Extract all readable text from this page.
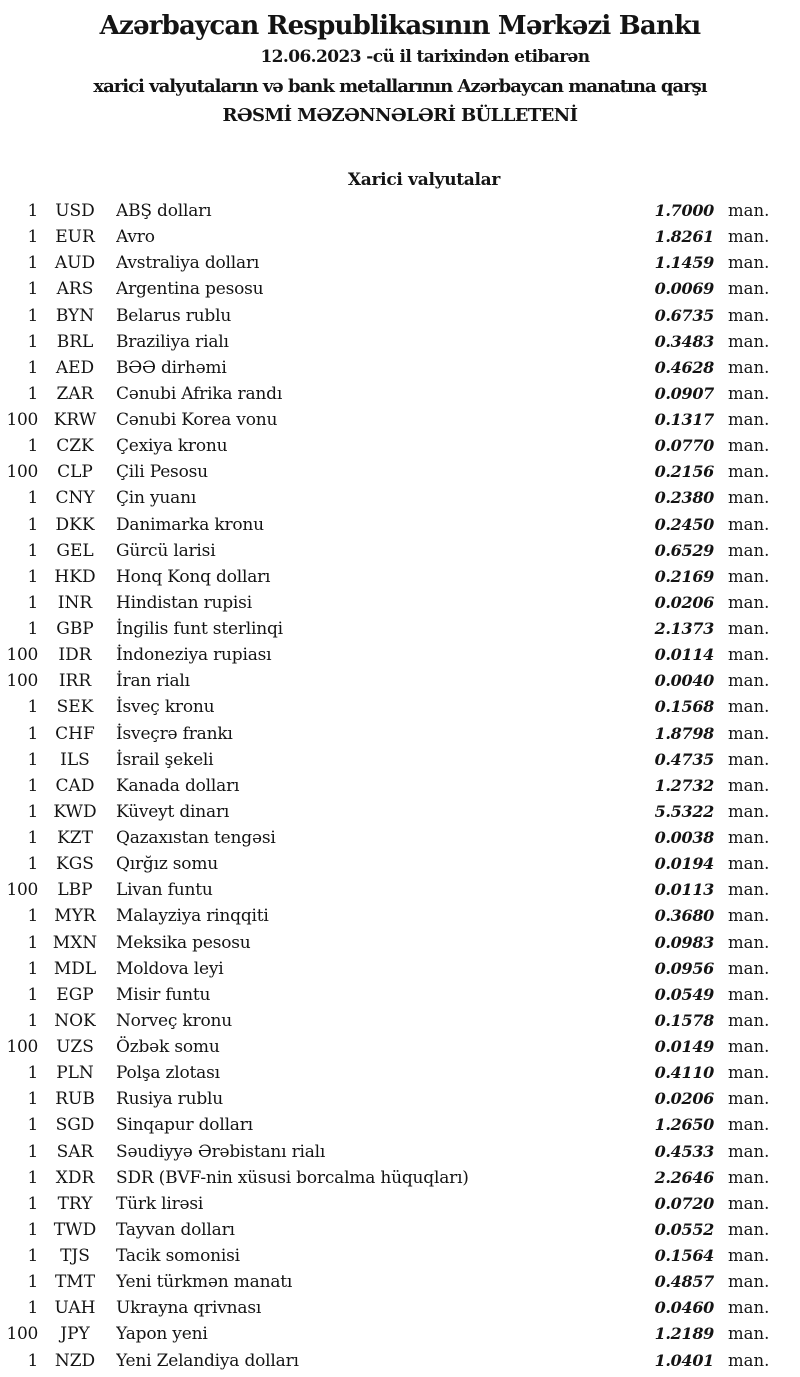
Azərbaycan Respublikasının Mərkəzi Bankı
12.06.2023 -cü il tarixindən etibarən
xarici valyutaların və bank metallarının Azərbaycan manatına qarşı
RƏSMİ MƏZƏNNƏLƏRİ BÜLLETENİ
Xarici valyutalar
1	USD	ABŞ dolları	1.7000 man.
1	EUR	Avro	1.8261 man.
1 AUD	Avstraliya dolları	1.1459 man.
1	ARS	Argentina pesosu	0.0069 man.
1	BYN	Belarus rublu	0.6735 man.
1	BRL	Braziliya rialı	0.3483 man.
1	AED	BƏƏ dirhəmi	0.4628 man.
1	ZAR	Cənubi Afrika randı	0.0907 man.
100 KRW	Cənubi Korea vonu	0.1317 man.
1	CZK	Çexiya kronu	0.0770 man.
100	CLP	Çili Pesosu	0.2156 man.
1	CNY	Çin yuanı	0.2380 man.
1	DKK	Danimarka kronu	0.2450 man.
1	GEL	Gürcü larisi	0.6529 man.
1 HKD	Honq Konq dolları	0.2169 man.
1	INR	Hindistan rupisi	0.0206 man.
1	GBP	İngilis funt sterlinqi	2.1373 man.
100	IDR	İndoneziya rupiası	0.0114 man.
100	IRR	İran rialı	0.0040 man.
1	SEK	İsveç kronu	0.1568 man.
1	CHF	İsveçrə frankı	1.8798 man.
1	ILS	İsrail şekeli	0.4735 man.
1	CAD	Kanada dolları	1.2732 man.
1 KWD	Küveyt dinarı	5.5322 man.
1	KZT	Qazaxıstan tengəsi	0.0038 man.
1	KGS	Qırğız somu	0.0194 man.
100	LBP	Livan funtu	0.0113 man.
1 MYR	Malayziya rinqqiti	0.3680 man.
1 MXN	Meksika pesosu	0.0983 man.
1 MDL	Moldova leyi	0.0956 man.
1	EGP	Misir funtu	0.0549 man.
1 NOK	Norveç kronu	0.1578 man.
100	UZS	Özbək somu	0.0149 man.
1	PLN	Polşa zlotası	0.4110 man.
1	RUB	Rusiya rublu	0.0206 man.
1	SGD	Sinqapur dolları	1.2650 man.
1	SAR	Səudiyyə Ərəbistanı rialı	0.4533 man.
1	XDR	SDR (BVF-nin xüsusi borcalma hüquqları)	2.2646 man.
1	TRY	Türk lirəsi	0.0720 man.
1 TWD	Tayvan dolları	0.0552 man.
1	TJS	Tacik somonisi	0.1564 man.
1 TMT	Yeni türkmən manatı	0.4857 man.
1 UAH	Ukrayna qrivnası	0.0460 man.
100	JPY	Yapon yeni	1.2189 man.
1 NZD	Yeni Zelandiya dolları	1.0401 man.
